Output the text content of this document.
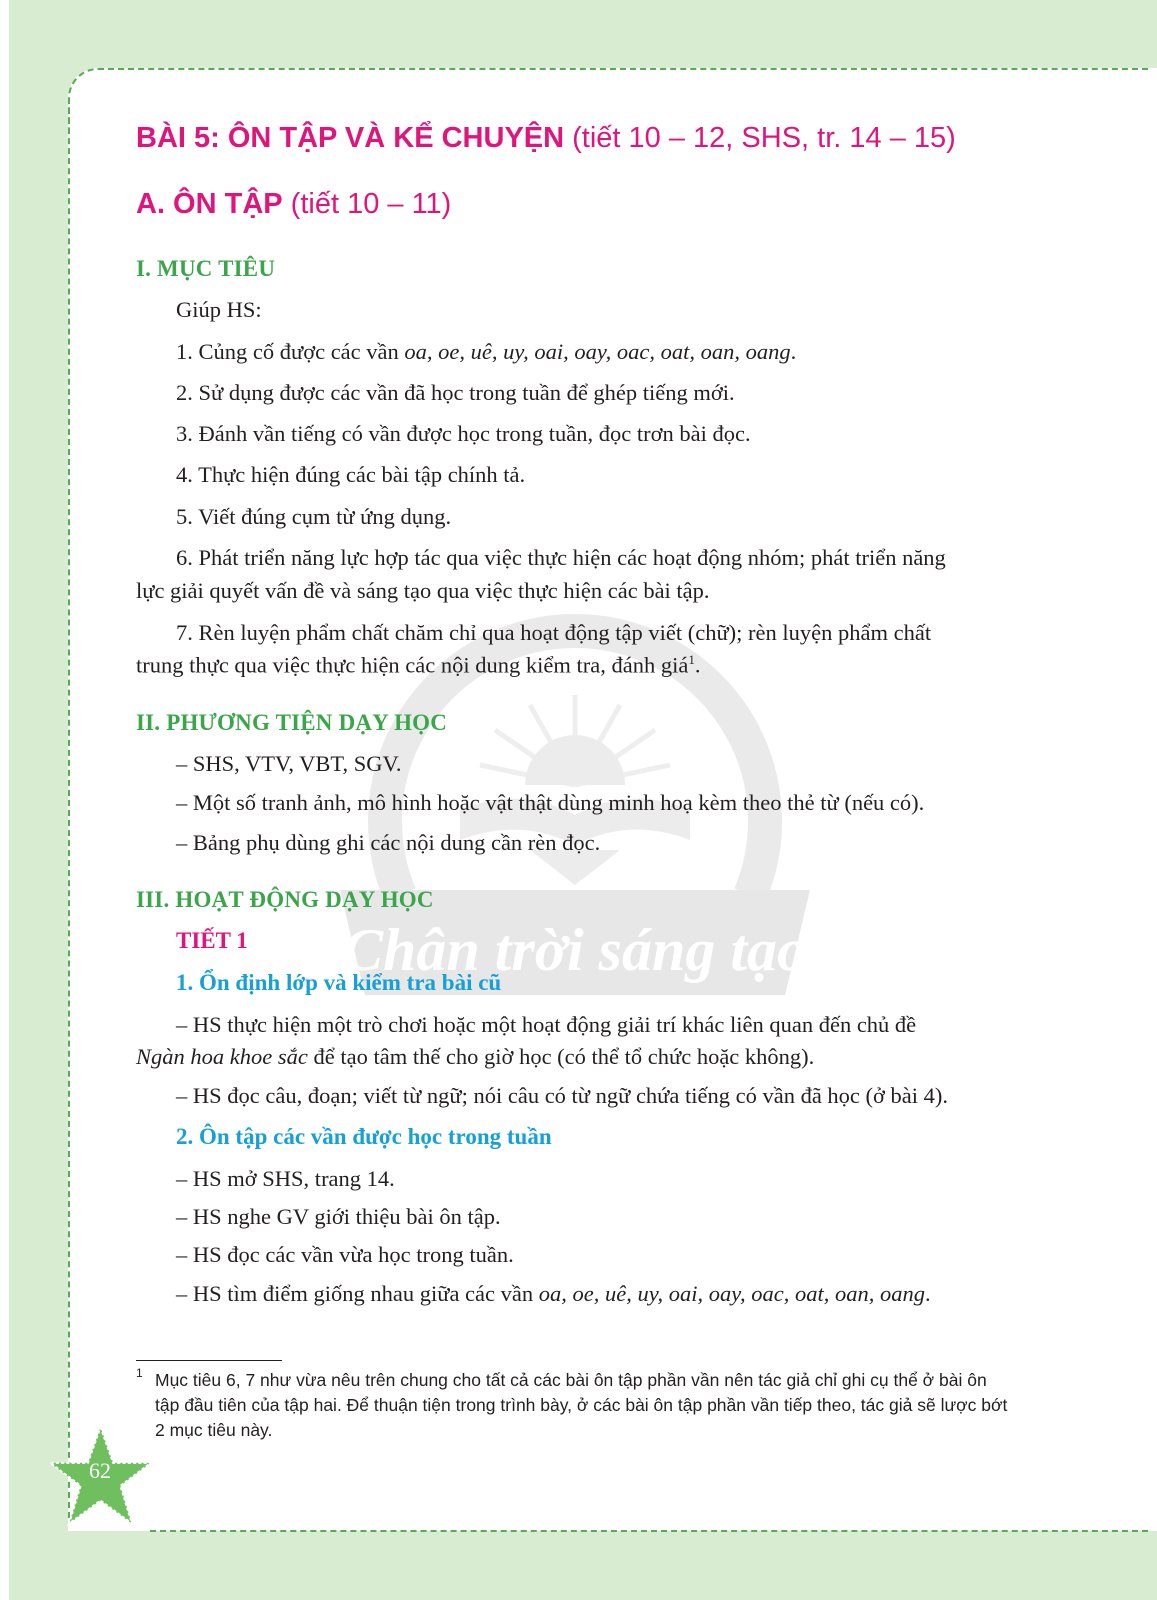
Chân trời sáng tạo
BÀI 5: ÔN TẬP VÀ KỂ CHUYỆN (tiết 10 – 12, SHS, tr. 14 – 15)
A. ÔN TẬP (tiết 10 – 11)
I. MỤC TIÊU
Giúp HS:
1. Củng cố được các vần oa, oe, uê, uy, oai, oay, oac, oat, oan, oang.
2. Sử dụng được các vần đã học trong tuần để ghép tiếng mới.
3. Đánh vần tiếng có vần được học trong tuần, đọc trơn bài đọc.
4. Thực hiện đúng các bài tập chính tả.
5. Viết đúng cụm từ ứng dụng.
6. Phát triển năng lực hợp tác qua việc thực hiện các hoạt động nhóm; phát triển năng
lực giải quyết vấn đề và sáng tạo qua việc thực hiện các bài tập.
7. Rèn luyện phẩm chất chăm chỉ qua hoạt động tập viết (chữ); rèn luyện phẩm chất
trung thực qua việc thực hiện các nội dung kiểm tra, đánh giá$^1$.
II. PHƯƠNG TIỆN DẠY HỌC
– SHS, VTV, VBT, SGV.
– Một số tranh ảnh, mô hình hoặc vật thật dùng minh hoạ kèm theo thẻ từ (nếu có).
– Bảng phụ dùng ghi các nội dung cần rèn đọc.
III. HOẠT ĐỘNG DẠY HỌC
TIẾT 1
1. Ổn định lớp và kiểm tra bài cũ
– HS thực hiện một trò chơi hoặc một hoạt động giải trí khác liên quan đến chủ đề
Ngàn hoa khoe sắc để tạo tâm thế cho giờ học (có thể tổ chức hoặc không).
– HS đọc câu, đoạn; viết từ ngữ; nói câu có từ ngữ chứa tiếng có vần đã học (ở bài 4).
2. Ôn tập các vần được học trong tuần
– HS mở SHS, trang 14.
– HS nghe GV giới thiệu bài ôn tập.
– HS đọc các vần vừa học trong tuần.
– HS tìm điểm giống nhau giữa các vần oa, oe, uê, uy, oai, oay, oac, oat, oan, oang.
1 Mục tiêu 6, 7 như vừa nêu trên chung cho tất cả các bài ôn tập phần vần nên tác giả chỉ ghi cụ thể ở bài ôn tập đầu tiên của tập hai. Để thuận tiện trong trình bày, ở các bài ôn tập phần vần tiếp theo, tác giả sẽ lược bớt 2 mục tiêu này.

62
